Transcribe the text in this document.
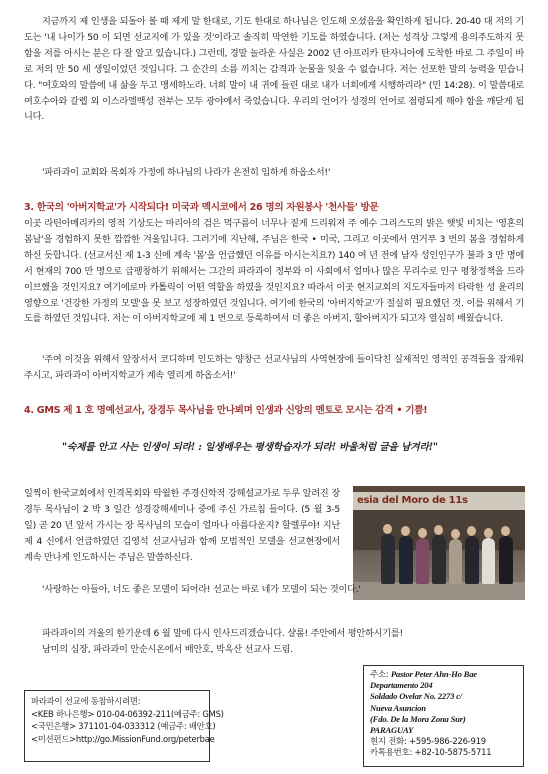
지금까지 제 인생을 되돌아 볼 때 제게 말 한대로, 기도 한대로 하나님은 인도해 오셨음을 확인하게 됩니다. 20-40 대 저의 기도는 '내 나이가 50 이 되면 선교지에 가 있을 것'이라고 솔직히 막연한 기도를 하였습니다. (저는 성격상 그렇게 용의주도하지 못함을 저를 아시는 분은 다 잘 알고 있습니다.) 그런데, 경말 놀라운 사실은 2002 년 아프리카 탄자니아에 도착한 바로 그 주일이 바로 저의 만 50 세 생일이었던 것입니다. 그 순간의 소름 끼치는 감격과 눈물을 잊을 수 없습니다. 저는 선포한 말의 능력을 믿습니다. "여호와의 말씀에 내 삶을 두고 맹세하노라. 너희 말이 내 귀에 들린 대로 내가 너희에게 시행하리라" (민 14:28). 이 말씀대로 여호수아와 갈렙 외 이스라엘백성 전부는 모두 광야에서 죽었습니다. 우리의 언어가 성경의 언어로 점령되게 해야 함을 깨닫게 됩니다.

'파라과이 교회와 목회자 가정에 하나님의 나라가 온전히 임하게 하옵소서!'

3. 한국의 '아버지학교'가 시작되다! 미국과 멕시코에서 26 명의 자원봉사 '천사들' 방문

이곳 라틴아메리카의 영적 기상도는 마리아의 검은 먹구름이 너무나 짙게 드리워져 주 예수 그리스도의 밝은 햇빛 비치는 '영혼의 봄날'을 경험하지 못한 깜깜한 겨울입니다. 그러기에 지난해, 주님은 한국 • 미국, 그리고 이곳에서 연거푸 3 번의 봄을 경험하게 하신 듯합니다. (선교서신 제 1-3 신에 계속 '봄'을 언급했던 이유를 아시는지요?) 140 여 년 전에 남자 성인인구가 불과 3 만 명에서 현재의 700 만 명으로 급팽창하기 위해서는 그간의 파라과이 정부와 이 사회에서 얼마나 많은 무리수로 인구 평창정책을 드라이브했을 것인지요? 여기에로마 카톨릭이 어떤 역할을 하였을 것인지요? 따라서 이곳 현지교회의 지도자들마저 타락한 성 윤리의 영향으로 '건강한 가정의 모델'을 못 보고 성장하였던 것입니다. 여기에 한국의 '아버지학교'가 절실히 필요했던 것. 이를 위해서 기도를 하였던 것입니다. 저는 이 아버지학교에 제 1 번으로 등록하여서 더 좋은 아버지, 할아버지가 되고자 열심히 배웠습니다.

'주여 이것을 위해서 앞장서서 코디하며 인도하는 양창근 선교사님의 사역현장에 들이닥친 실제적인 영적인 공격들을 잠재워 주시고, 파라과이 아버지학교가 계속 열리게 하옵소서!'

4. GMS 제 1 호 명예선교사, 장경두 목사님을 만나뵈며 인생과 신앙의 멘토로 모시는 감격 • 기쁨!

"숙제를 안고 사는 인생이 되라! : 일생배우는 평생학습자가 되라! 바울처럼 글을 남겨라!"

일찍이 한국교회에서 인격목회와 탁월한 주경신학적 강해설교가로 두루 알려진 장경두 목사님이 2 박 3 일간 성경강해세미나 중에 주신 가르침 들이다. (5 월 3-5 일) 곧 20 년 앞서 가시는 장 목사님의 모습이 얼마나 아름다운지? 할렐루야! 지난 제 4 신에서 언급하였던 김영석 선교사님과 함께 모범적인 모델을 선교현장에서 계속 만나게 인도하시는 주님은 말씀하신다.

esia del Moro de 11s

'사랑하는 아들아, 너도 좋은 모델이 되어라! 선교는 바로 네가 모델이 되는 것이다.'

파라과이의 겨울의 한기운데 6 월 말에 다시 인사드리겠습니다. 샬롬! 주안에서 평안하시기를!

남미의 심장, 파라과이 안순시온에서 배안호, 박옥산 선교사 드림.

파라과이 선교에 동참하시려면:
<KEB 하나은행> 010-04-06392-211(예금주: GMS)
<국민은행> 371101-04-033312 (예금주: 배안호)
<미션펀드>http://go.MissionFund.org/peterbae
주소: Pastor Peter Ahn-Ho Bae
Departamento 204
Soldado Ovelar No. 2273 c/
Nueva Asuncion
(Fdo. De la Mora Zona Sur)
PARAGUAY
현지 전화: +595-986-226-919
카톡용번호: +82-10-5875-5711
